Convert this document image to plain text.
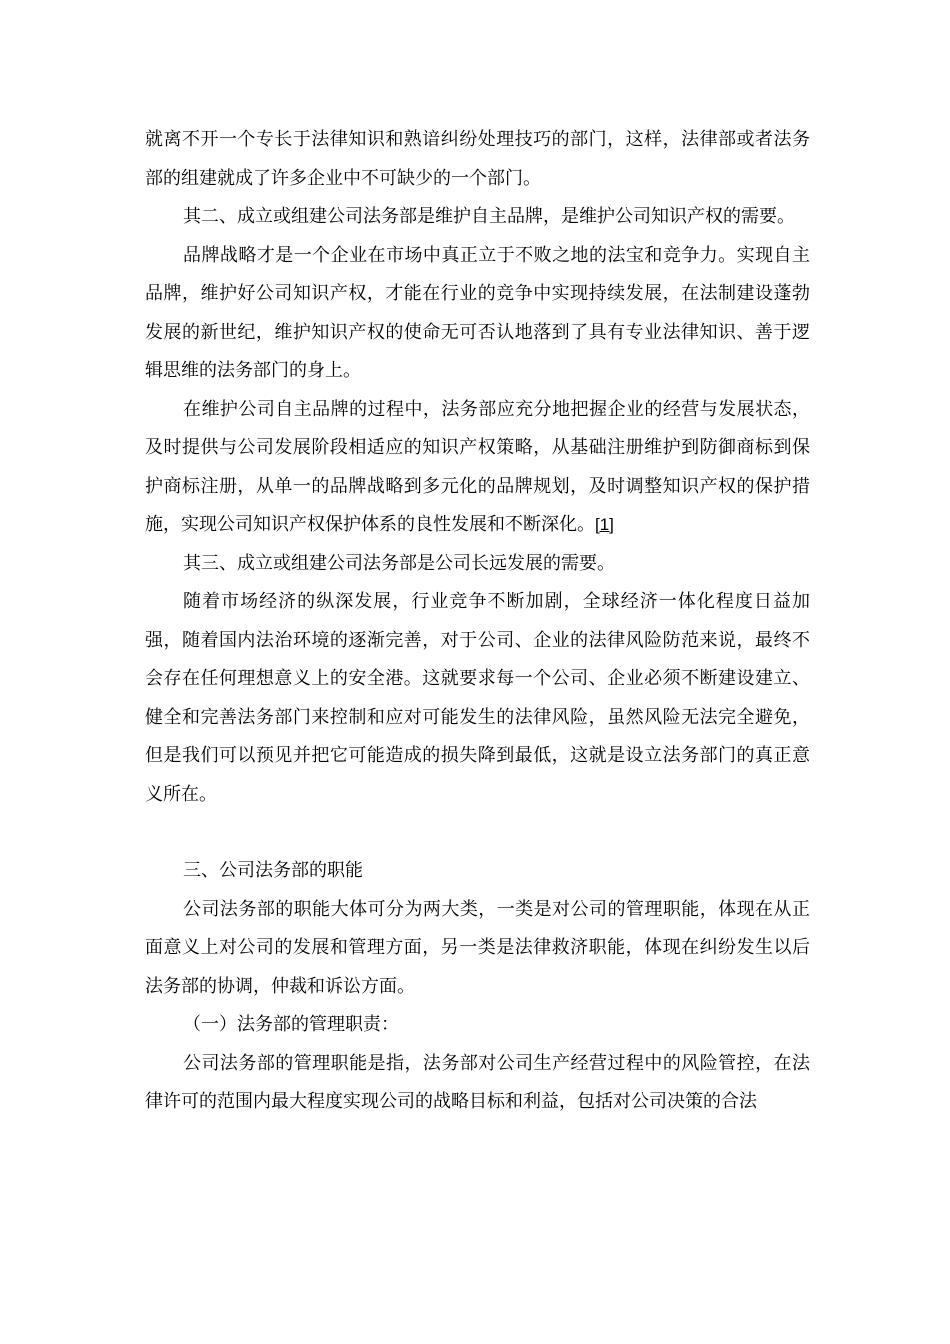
就离不开一个专长于法律知识和熟谙纠纷处理技巧的部门，这样，法律部或者法务部的组建就成了许多企业中不可缺少的一个部门。

其二、成立或组建公司法务部是维护自主品牌，是维护公司知识产权的需要。

品牌战略才是一个企业在市场中真正立于不败之地的法宝和竞争力。实现自主品牌，维护好公司知识产权，才能在行业的竞争中实现持续发展，在法制建设蓬勃发展的新世纪，维护知识产权的使命无可否认地落到了具有专业法律知识、善于逻辑思维的法务部门的身上。

在维护公司自主品牌的过程中，法务部应充分地把握企业的经营与发展状态，及时提供与公司发展阶段相适应的知识产权策略，从基础注册维护到防御商标到保护商标注册，从单一的品牌战略到多元化的品牌规划，及时调整知识产权的保护措施，实现公司知识产权保护体系的良性发展和不断深化。[1]

其三、成立或组建公司法务部是公司长远发展的需要。

随着市场经济的纵深发展，行业竞争不断加剧，全球经济一体化程度日益加强，随着国内法治环境的逐渐完善，对于公司、企业的法律风险防范来说，最终不会存在任何理想意义上的安全港。这就要求每一个公司、企业必须不断建设建立、健全和完善法务部门来控制和应对可能发生的法律风险，虽然风险无法完全避免，但是我们可以预见并把它可能造成的损失降到最低，这就是设立法务部门的真正意义所在。

三、公司法务部的职能

公司法务部的职能大体可分为两大类，一类是对公司的管理职能，体现在从正面意义上对公司的发展和管理方面，另一类是法律救济职能，体现在纠纷发生以后法务部的协调，仲裁和诉讼方面。

（一）法务部的管理职责：

公司法务部的管理职能是指，法务部对公司生产经营过程中的风险管控，在法律许可的范围内最大程度实现公司的战略目标和利益，包括对公司决策的合法
